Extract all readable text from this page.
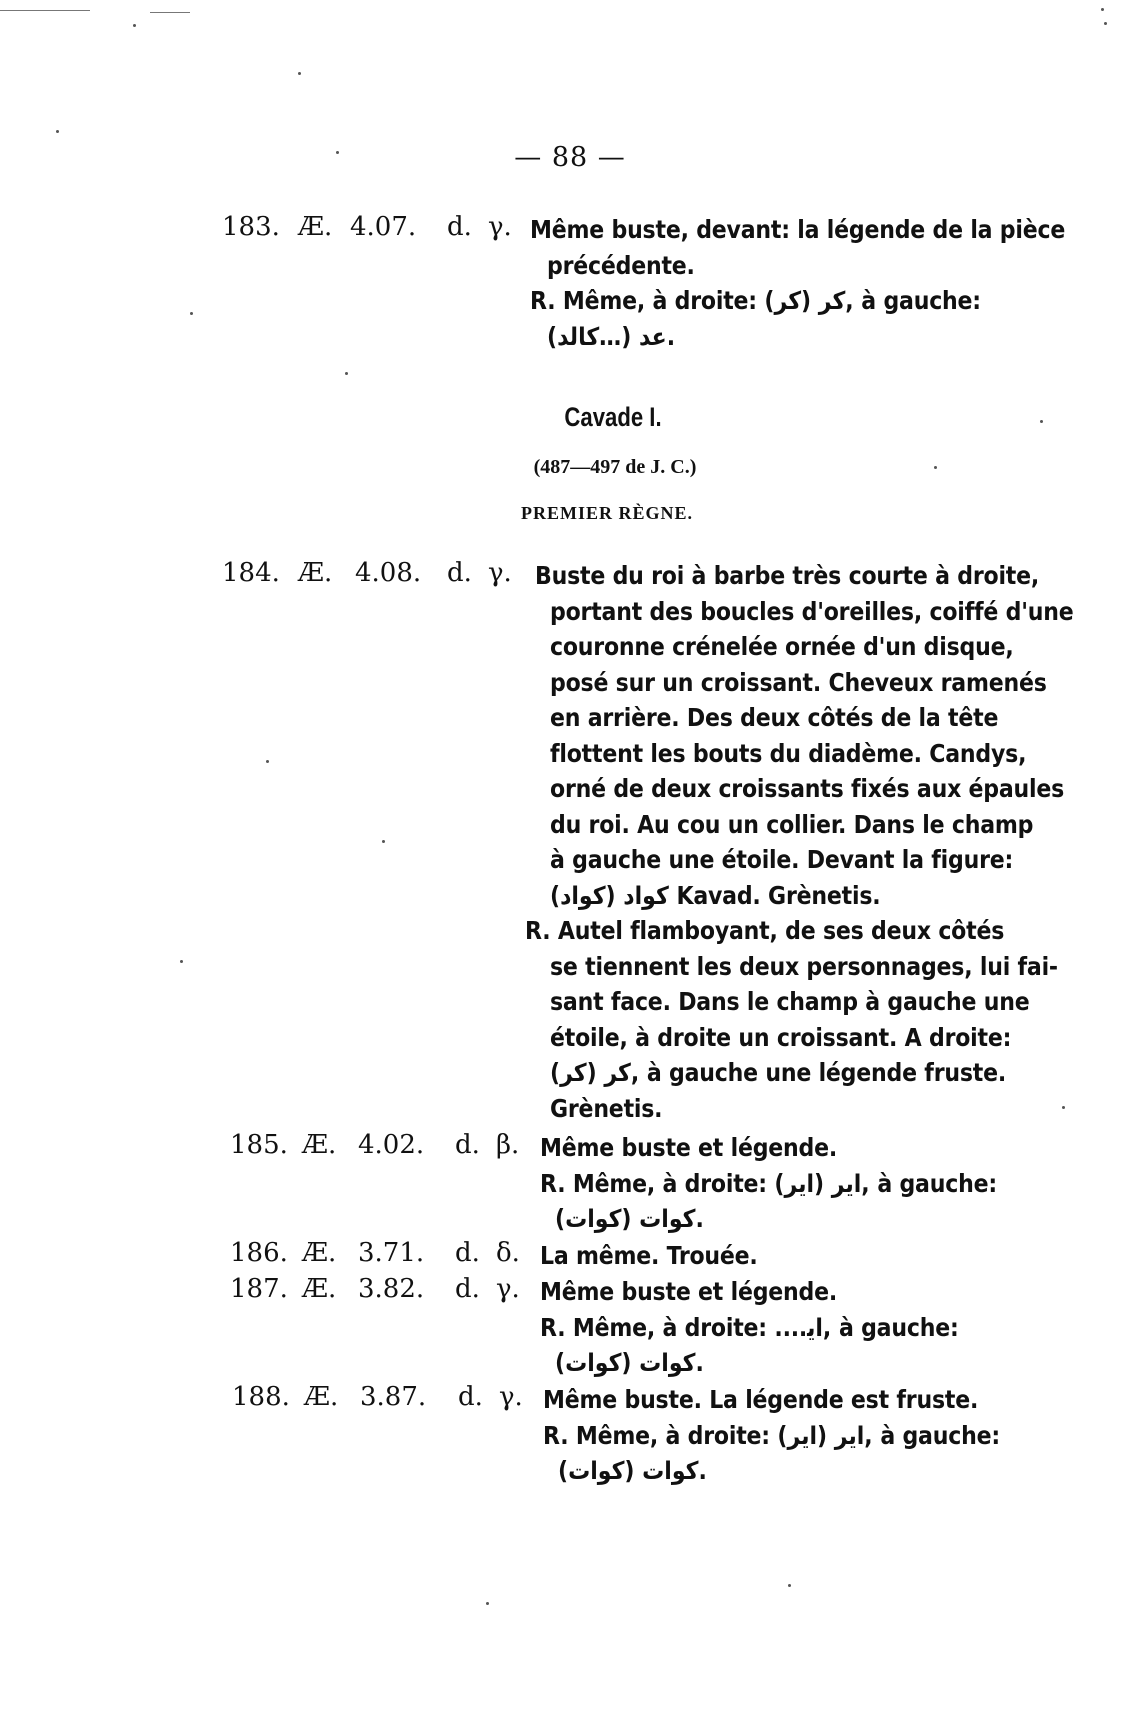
— 88 —
183. Æ. 4.07. d. γ. Même buste, devant: la légende de la pièce
précédente.
R. Même, à droite: ﮐﺮ (ﮐﺮ), à gauche:
ﻋﺪ (…ﻛﺎﻟﺪ).
Cavade I.
(487—497 de J. C.)
PREMIER RÈGNE.
184. Æ. 4.08. d. γ. Buste du roi à barbe très courte à droite,
portant des boucles d'oreilles, coiffé d'une
couronne crénelée ornée d'un disque,
posé sur un croissant. Cheveux ramenés
en arrière. Des deux côtés de la tête
flottent les bouts du diadème. Candys,
orné de deux croissants fixés aux épaules
du roi. Au cou un collier. Dans le champ
à gauche une étoile. Devant la figure:
ﮐﻮﺍﺩ (ﮐﻮﺍﺩ) Kavad. Grènetis.
R. Autel flamboyant, de ses deux côtés
se tiennent les deux personnages, lui fai-
sant face. Dans le champ à gauche une
étoile, à droite un croissant. A droite:
ﮐﺮ (ﮐﺮ), à gauche une légende fruste.
Grènetis.
185. Æ. 4.02. d. β. Même buste et légende.
R. Même, à droite: ﺍﻳﺮ (ﺍﻳﺮ), à gauche:
ﮐﻮﺍﺕ (ﮐﻮﺍﺕ).
186. Æ. 3.71. d. δ. La même. Trouée.
187. Æ. 3.82. d. γ. Même buste et légende.
R. Même, à droite: ....ﺍﻳ, à gauche:
ﮐﻮﺍﺕ (ﮐﻮﺍﺕ).
188. Æ. 3.87. d. γ. Même buste. La légende est fruste.
R. Même, à droite: ﺍﻳﺮ (ﺍﻳﺮ), à gauche:
ﮐﻮﺍﺕ (ﮐﻮﺍﺕ).
